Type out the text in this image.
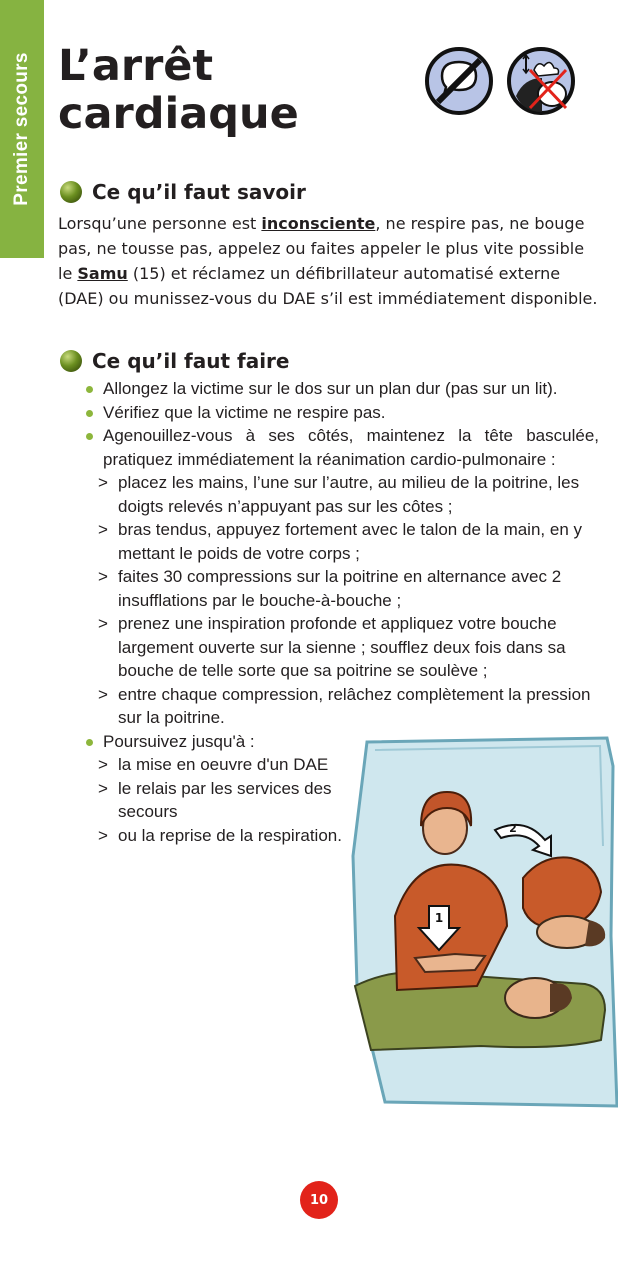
Premier secours L’arrêt
cardiaque
Ce qu’il faut savoir

Lorsqu’une personne est inconsciente, ne respire pas, ne bouge pas, ne tousse pas, appelez ou faites appeler le plus vite possible le Samu (15) et réclamez un défibrillateur automatisé externe (DAE) ou munissez-vous du DAE s’il est immédiatement disponible.

Ce qu’il faut faire
Allongez la victime sur le dos sur un plan dur (pas sur un lit).
Vérifiez que la victime ne respire pas.
Agenouillez-vous à ses côtés, maintenez la tête basculée, pratiquez immédiatement la réanimation cardio-pulmonaire :
> placez les mains, l’une sur l’autre, au milieu de la poitrine, les doigts relevés n’appuyant pas sur les côtes ;
> bras tendus, appuyez fortement avec le talon de la main, en y mettant le poids de votre corps ;
> faites 30 compressions sur la poitrine en alternance avec 2 insufflations par le bouche-à-bouche ;
> prenez une inspiration profonde et appliquez votre bouche largement ouverte sur la sienne ; soufflez deux fois dans sa bouche de telle sorte que sa poitrine se soulève ;
> entre chaque compression, relâchez complètement la pression sur la poitrine.
Poursuivez jusqu'à :
> la mise en oeuvre d'un DAE
> le relais par les services des secours
> ou la reprise de la respiration.
1
2
10
